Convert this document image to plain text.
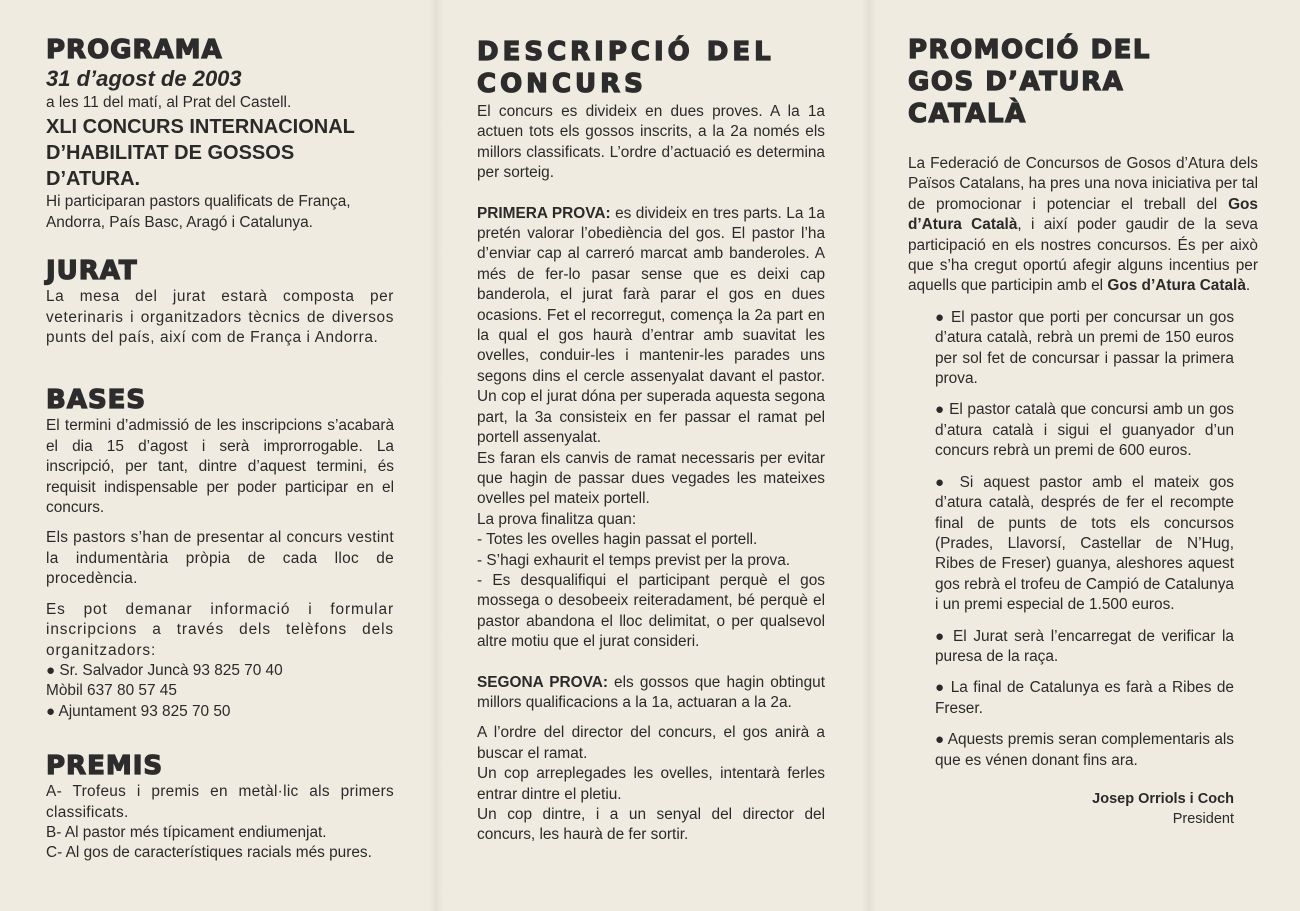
PROGRAMA

31 d’agost de 2003

a les 11 del matí, al Prat del Castell.

XLI CONCURS INTERNACIONAL

D’HABILITAT DE GOSSOS

D’ATURA.

Hi participaran pastors qualificats de França, Andorra, País Basc, Aragó i Catalunya.

JURAT

La mesa del jurat estarà composta per veterinaris i organitzadors tècnics de diversos punts del país, així com de França i Andorra.

BASES

El termini d’admissió de les inscripcions s’acabarà el dia 15 d’agost i serà improrrogable. La inscripció, per tant, dintre d’aquest termini, és requisit indispensable per poder participar en el concurs.

Els pastors s’han de presentar al concurs vestint la indumentària pròpia de cada lloc de procedència.

Es pot demanar informació i formular inscripcions a través dels telèfons dels organitzadors:

● Sr. Salvador Juncà 93 825 70 40

Mòbil 637 80 57 45

● Ajuntament 93 825 70 50

PREMIS

A- Trofeus i premis en metàl·lic als primers classificats.

B- Al pastor més típicament endiumenjat.

C- Al gos de característiques racials més pures.

DESCRIPCIÓ DEL
CONCURS

El concurs es divideix en dues proves. A la 1a actuen tots els gossos inscrits, a la 2a només els millors classificats. L’ordre d’actuació es determina per sorteig.

PRIMERA PROVA: es divideix en tres parts. La 1a pretén valorar l’obediència del gos. El pastor l’ha d’enviar cap al carreró marcat amb banderoles. A més de fer-lo pasar sense que es deixi cap banderola, el jurat farà parar el gos en dues ocasions. Fet el recorregut, comença la 2a part en la qual el gos haurà d’entrar amb suavitat les ovelles, conduir-les i mantenir-les parades uns segons dins el cercle assenyalat davant el pastor. Un cop el jurat dóna per superada aquesta segona part, la 3a consisteix en fer passar el ramat pel portell assenyalat.

Es faran els canvis de ramat necessaris per evitar que hagin de passar dues vegades les mateixes ovelles pel mateix portell.

La prova finalitza quan:

- Totes les ovelles hagin passat el portell.

- S’hagi exhaurit el temps previst per la prova.

- Es desqualifiqui el participant perquè el gos mossega o desobeeix reiteradament, bé perquè el pastor abandona el lloc delimitat, o per qualsevol altre motiu que el jurat consideri.

SEGONA PROVA: els gossos que hagin obtingut millors qualificacions a la 1a, actuaran a la 2a.

A l’ordre del director del concurs, el gos anirà a buscar el ramat.

Un cop arreplegades les ovelles, intentarà ferles entrar dintre el pletiu.

Un cop dintre, i a un senyal del director del concurs, les haurà de fer sortir.

PROMOCIÓ DEL
GOS D’ATURA
CATALÀ

La Federació de Concursos de Gosos d’Atura dels Països Catalans, ha pres una nova iniciativa per tal de promocionar i potenciar el treball del Gos d’Atura Català, i així poder gaudir de la seva participació en els nostres concursos. És per això que s’ha cregut oportú afegir alguns incentius per aquells que participin amb el Gos d’Atura Català.

● El pastor que porti per concursar un gos d’atura català, rebrà un premi de 150 euros per sol fet de concursar i passar la primera prova.

● El pastor català que concursi amb un gos d’atura català i sigui el guanyador d’un concurs rebrà un premi de 600 euros.

● Si aquest pastor amb el mateix gos d’atura català, després de fer el recompte final de punts de tots els concursos (Prades, Llavorsí, Castellar de N’Hug, Ribes de Freser) guanya, aleshores aquest gos rebrà el trofeu de Campió de Catalunya i un premi especial de 1.500 euros.

● El Jurat serà l’encarregat de verificar la puresa de la raça.

● La final de Catalunya es farà a Ribes de Freser.

● Aquests premis seran complementaris als que es vénen donant fins ara.

Josep Orriols i Coch

President
